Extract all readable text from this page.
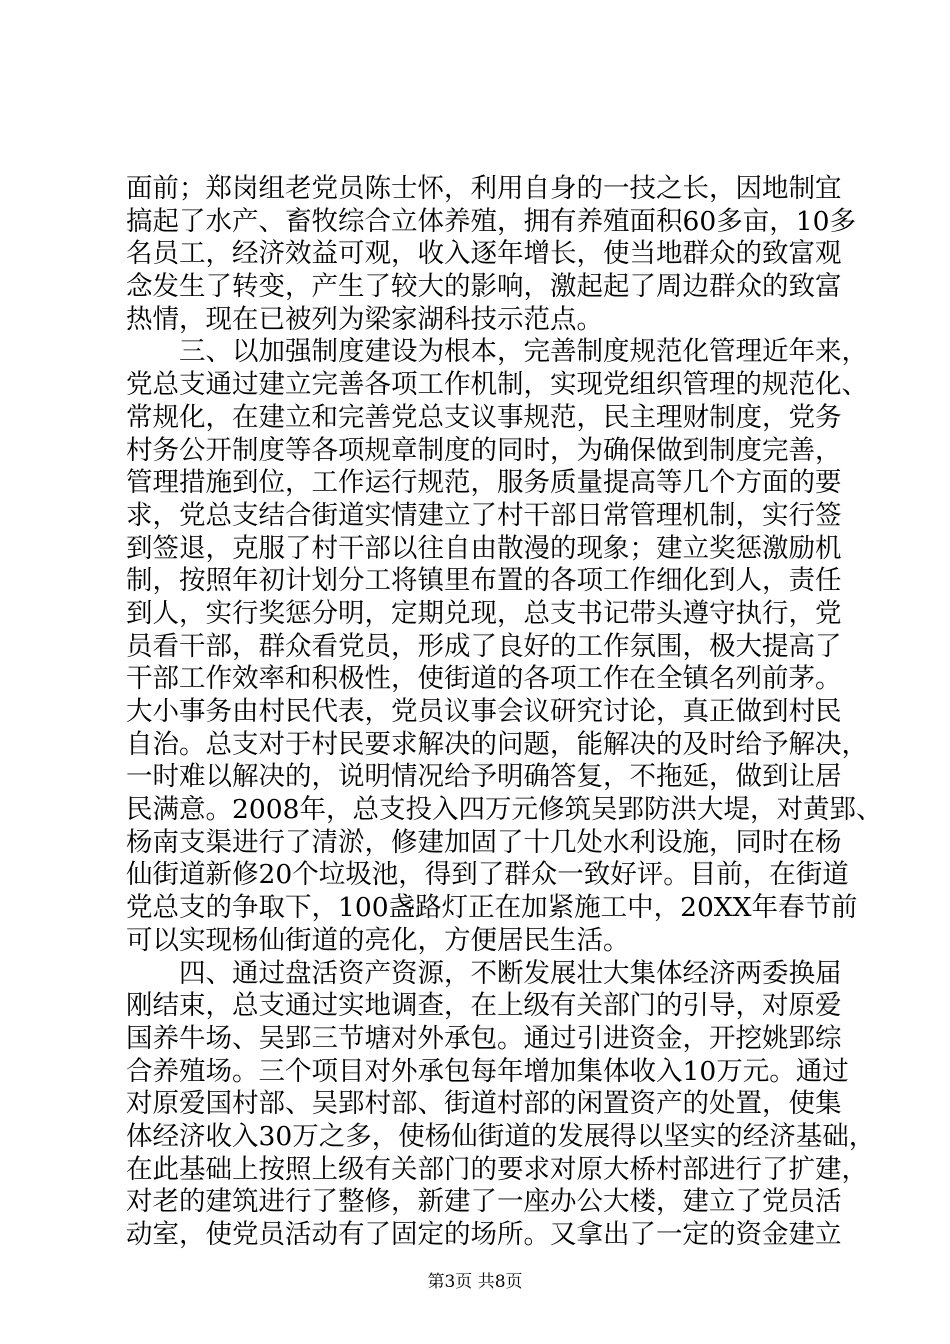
面前；郑岗组老党员陈士怀，利用自身的一技之长，因地制宜
搞起了水产、畜牧综合立体养殖，拥有养殖面积60多亩，10多
名员工，经济效益可观，收入逐年增长，使当地群众的致富观
念发生了转变，产生了较大的影响，激起起了周边群众的致富
热情，现在已被列为梁家湖科技示范点。
　　三、以加强制度建设为根本，完善制度规范化管理近年来，
党总支通过建立完善各项工作机制，实现党组织管理的规范化、
常规化，在建立和完善党总支议事规范，民主理财制度，党务
村务公开制度等各项规章制度的同时，为确保做到制度完善，
管理措施到位，工作运行规范，服务质量提高等几个方面的要
求，党总支结合街道实情建立了村干部日常管理机制，实行签
到签退，克服了村干部以往自由散漫的现象；建立奖惩激励机
制，按照年初计划分工将镇里布置的各项工作细化到人，责任
到人，实行奖惩分明，定期兑现，总支书记带头遵守执行，党
员看干部，群众看党员，形成了良好的工作氛围，极大提高了
干部工作效率和积极性，使街道的各项工作在全镇名列前茅。
大小事务由村民代表，党员议事会议研究讨论，真正做到村民
自治。总支对于村民要求解决的问题，能解决的及时给予解决，
一时难以解决的，说明情况给予明确答复，不拖延，做到让居
民满意。2008年，总支投入四万元修筑吴郢防洪大堤，对黄郢、
杨南支渠进行了清淤，修建加固了十几处水利设施，同时在杨
仙街道新修20个垃圾池，得到了群众一致好评。目前，在街道
党总支的争取下，100盏路灯正在加紧施工中，20XX年春节前
可以实现杨仙街道的亮化，方便居民生活。
　　四、通过盘活资产资源，不断发展壮大集体经济两委换届
刚结束，总支通过实地调查，在上级有关部门的引导，对原爱
国养牛场、吴郢三节塘对外承包。通过引进资金，开挖姚郢综
合养殖场。三个项目对外承包每年增加集体收入10万元。通过
对原爱国村部、吴郢村部、街道村部的闲置资产的处置，使集
体经济收入30万之多，使杨仙街道的发展得以坚实的经济基础，
在此基础上按照上级有关部门的要求对原大桥村部进行了扩建，
对老的建筑进行了整修，新建了一座办公大楼，建立了党员活
动室，使党员活动有了固定的场所。又拿出了一定的资金建立
第3页 共8页
